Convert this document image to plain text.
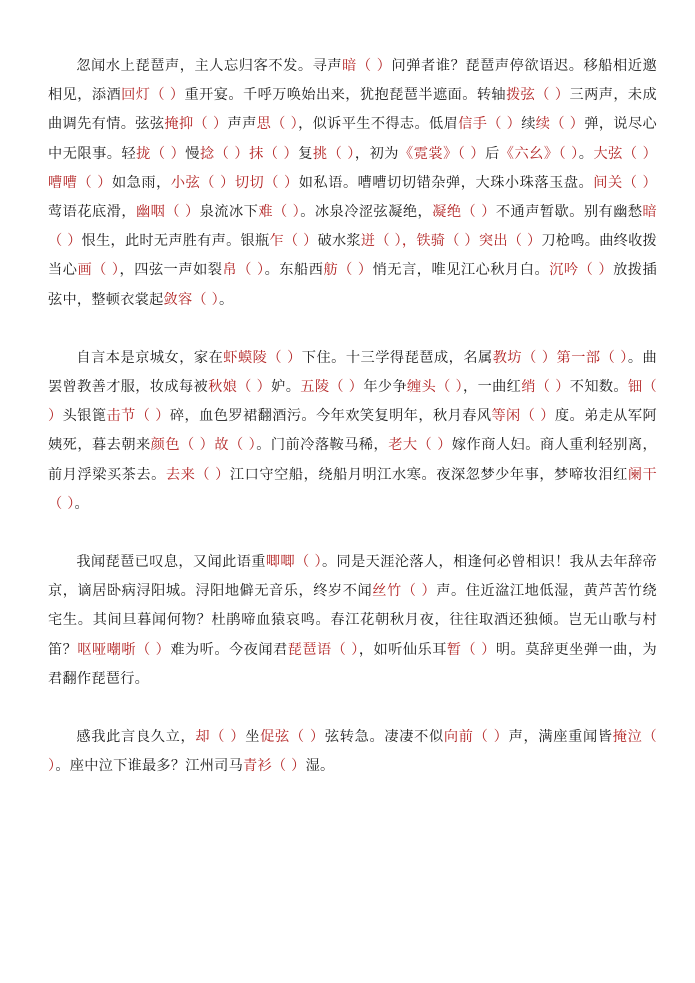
忽闻水上琵琶声，主人忘归客不发。寻声暗（ ）问弹者谁？琵琶声停欲语迟。移船相近邀相见，添酒回灯（ ）重开宴。千呼万唤始出来，犹抱琵琶半遮面。转轴拨弦（ ）三两声，未成曲调先有情。弦弦掩抑（ ）声声思（ ），似诉平生不得志。低眉信手（ ）续续（ ）弹，说尽心中无限事。轻拢（ ）慢捻（ ）抹（ ）复挑（ ），初为《霓裳》（ ）后《六幺》（ ）。大弦（ ）嘈嘈（ ）如急雨，小弦（ ）切切（ ）如私语。嘈嘈切切错杂弹，大珠小珠落玉盘。间关（ ）莺语花底滑，幽咽（ ）泉流冰下难（ ）。冰泉冷涩弦凝绝，凝绝（ ）不通声暂歇。别有幽愁暗（ ）恨生，此时无声胜有声。银瓶乍（ ）破水浆迸（ ），铁骑（ ）突出（ ）刀枪鸣。曲终收拨当心画（ ），四弦一声如裂帛（ ）。东船西舫（ ）悄无言，唯见江心秋月白。沉吟（ ）放拨插弦中，整顿衣裳起敛容（ ）。

自言本是京城女，家在虾蟆陵（ ）下住。十三学得琵琶成，名属教坊（ ）第一部（ ）。曲罢曾教善才服，妆成每被秋娘（ ）妒。五陵（ ）年少争缠头（ ），一曲红绡（ ）不知数。钿（ ）头银篦击节（ ）碎，血色罗裙翻酒污。今年欢笑复明年，秋月春风等闲（ ）度。弟走从军阿姨死，暮去朝来颜色（ ）故（ ）。门前冷落鞍马稀，老大（ ）嫁作商人妇。商人重利轻别离，前月浮梁买茶去。去来（ ）江口守空船，绕船月明江水寒。夜深忽梦少年事，梦啼妆泪红阑干（ ）。

我闻琵琶已叹息，又闻此语重唧唧（ ）。同是天涯沦落人，相逢何必曾相识！我从去年辞帝京，谪居卧病浔阳城。浔阳地僻无音乐，终岁不闻丝竹（ ）声。住近湓江地低湿，黄芦苦竹绕宅生。其间旦暮闻何物？杜鹃啼血猿哀鸣。春江花朝秋月夜，往往取酒还独倾。岂无山歌与村笛？呕哑嘲哳（ ）难为听。今夜闻君琵琶语（ ），如听仙乐耳暂（ ）明。莫辞更坐弹一曲，为君翻作琵琶行。

感我此言良久立，却（ ）坐促弦（ ）弦转急。凄凄不似向前（ ）声，满座重闻皆掩泣（ ）。座中泣下谁最多？江州司马青衫（ ）湿。
